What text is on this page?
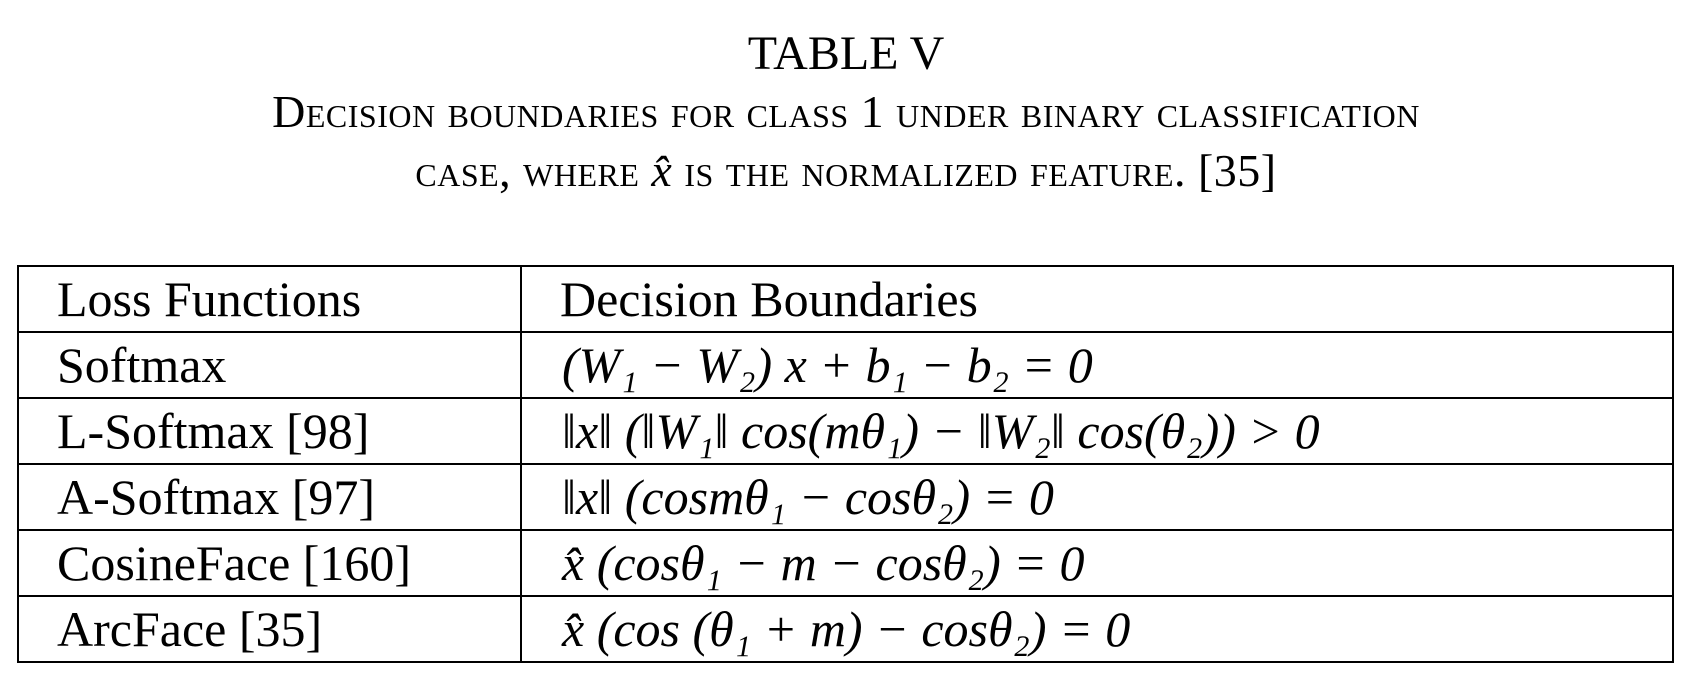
TABLE V
Decision boundaries for class 1 under binary classification
case, where x̂ is the normalized feature. [35]
Loss Functions	Decision Boundaries
Softmax	(W₁ − W₂) x + b₁ − b₂ = 0
L-Softmax [98]	‖x‖ (‖W₁‖ cos(mθ₁) − ‖W₂‖ cos(θ₂)) > 0
A-Softmax [97]	‖x‖ (cosmθ₁ − cosθ₂) = 0
CosineFace [160]	x̂ (cosθ₁ − m − cosθ₂) = 0
ArcFace [35]	x̂ (cos (θ₁ + m) − cosθ₂) = 0
